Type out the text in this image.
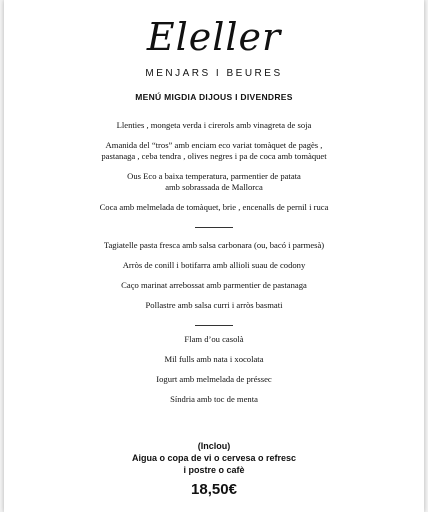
Eleller
MENJARS I BEURES
MENÚ MIGDIA DIJOUS I DIVENDRES
Llenties , mongeta verda i cirerols amb vinagreta de soja
Amanida del “tros” amb enciam eco variat tomàquet de pagès ,
pastanaga , ceba tendra , olives negres i pa de coca amb tomàquet
Ous Eco a baixa temperatura, parmentier de patata
amb sobrassada de Mallorca
Coca amb melmelada de tomàquet, brie , encenalls de pernil i ruca
Tagiatelle pasta fresca amb salsa carbonara (ou, bacó i parmesà)
Arròs de conill i botifarra amb allioli suau de codony
Caço marinat arrebossat amb parmentier de pastanaga
Pollastre amb salsa curri i arròs basmati
Flam d’ou casolà
Mil fulls amb nata i xocolata
Iogurt amb melmelada de préssec
Síndria amb toc de menta
(Inclou)
Aigua o copa de vi o cervesa o refresc
i postre o cafè
18,50€
